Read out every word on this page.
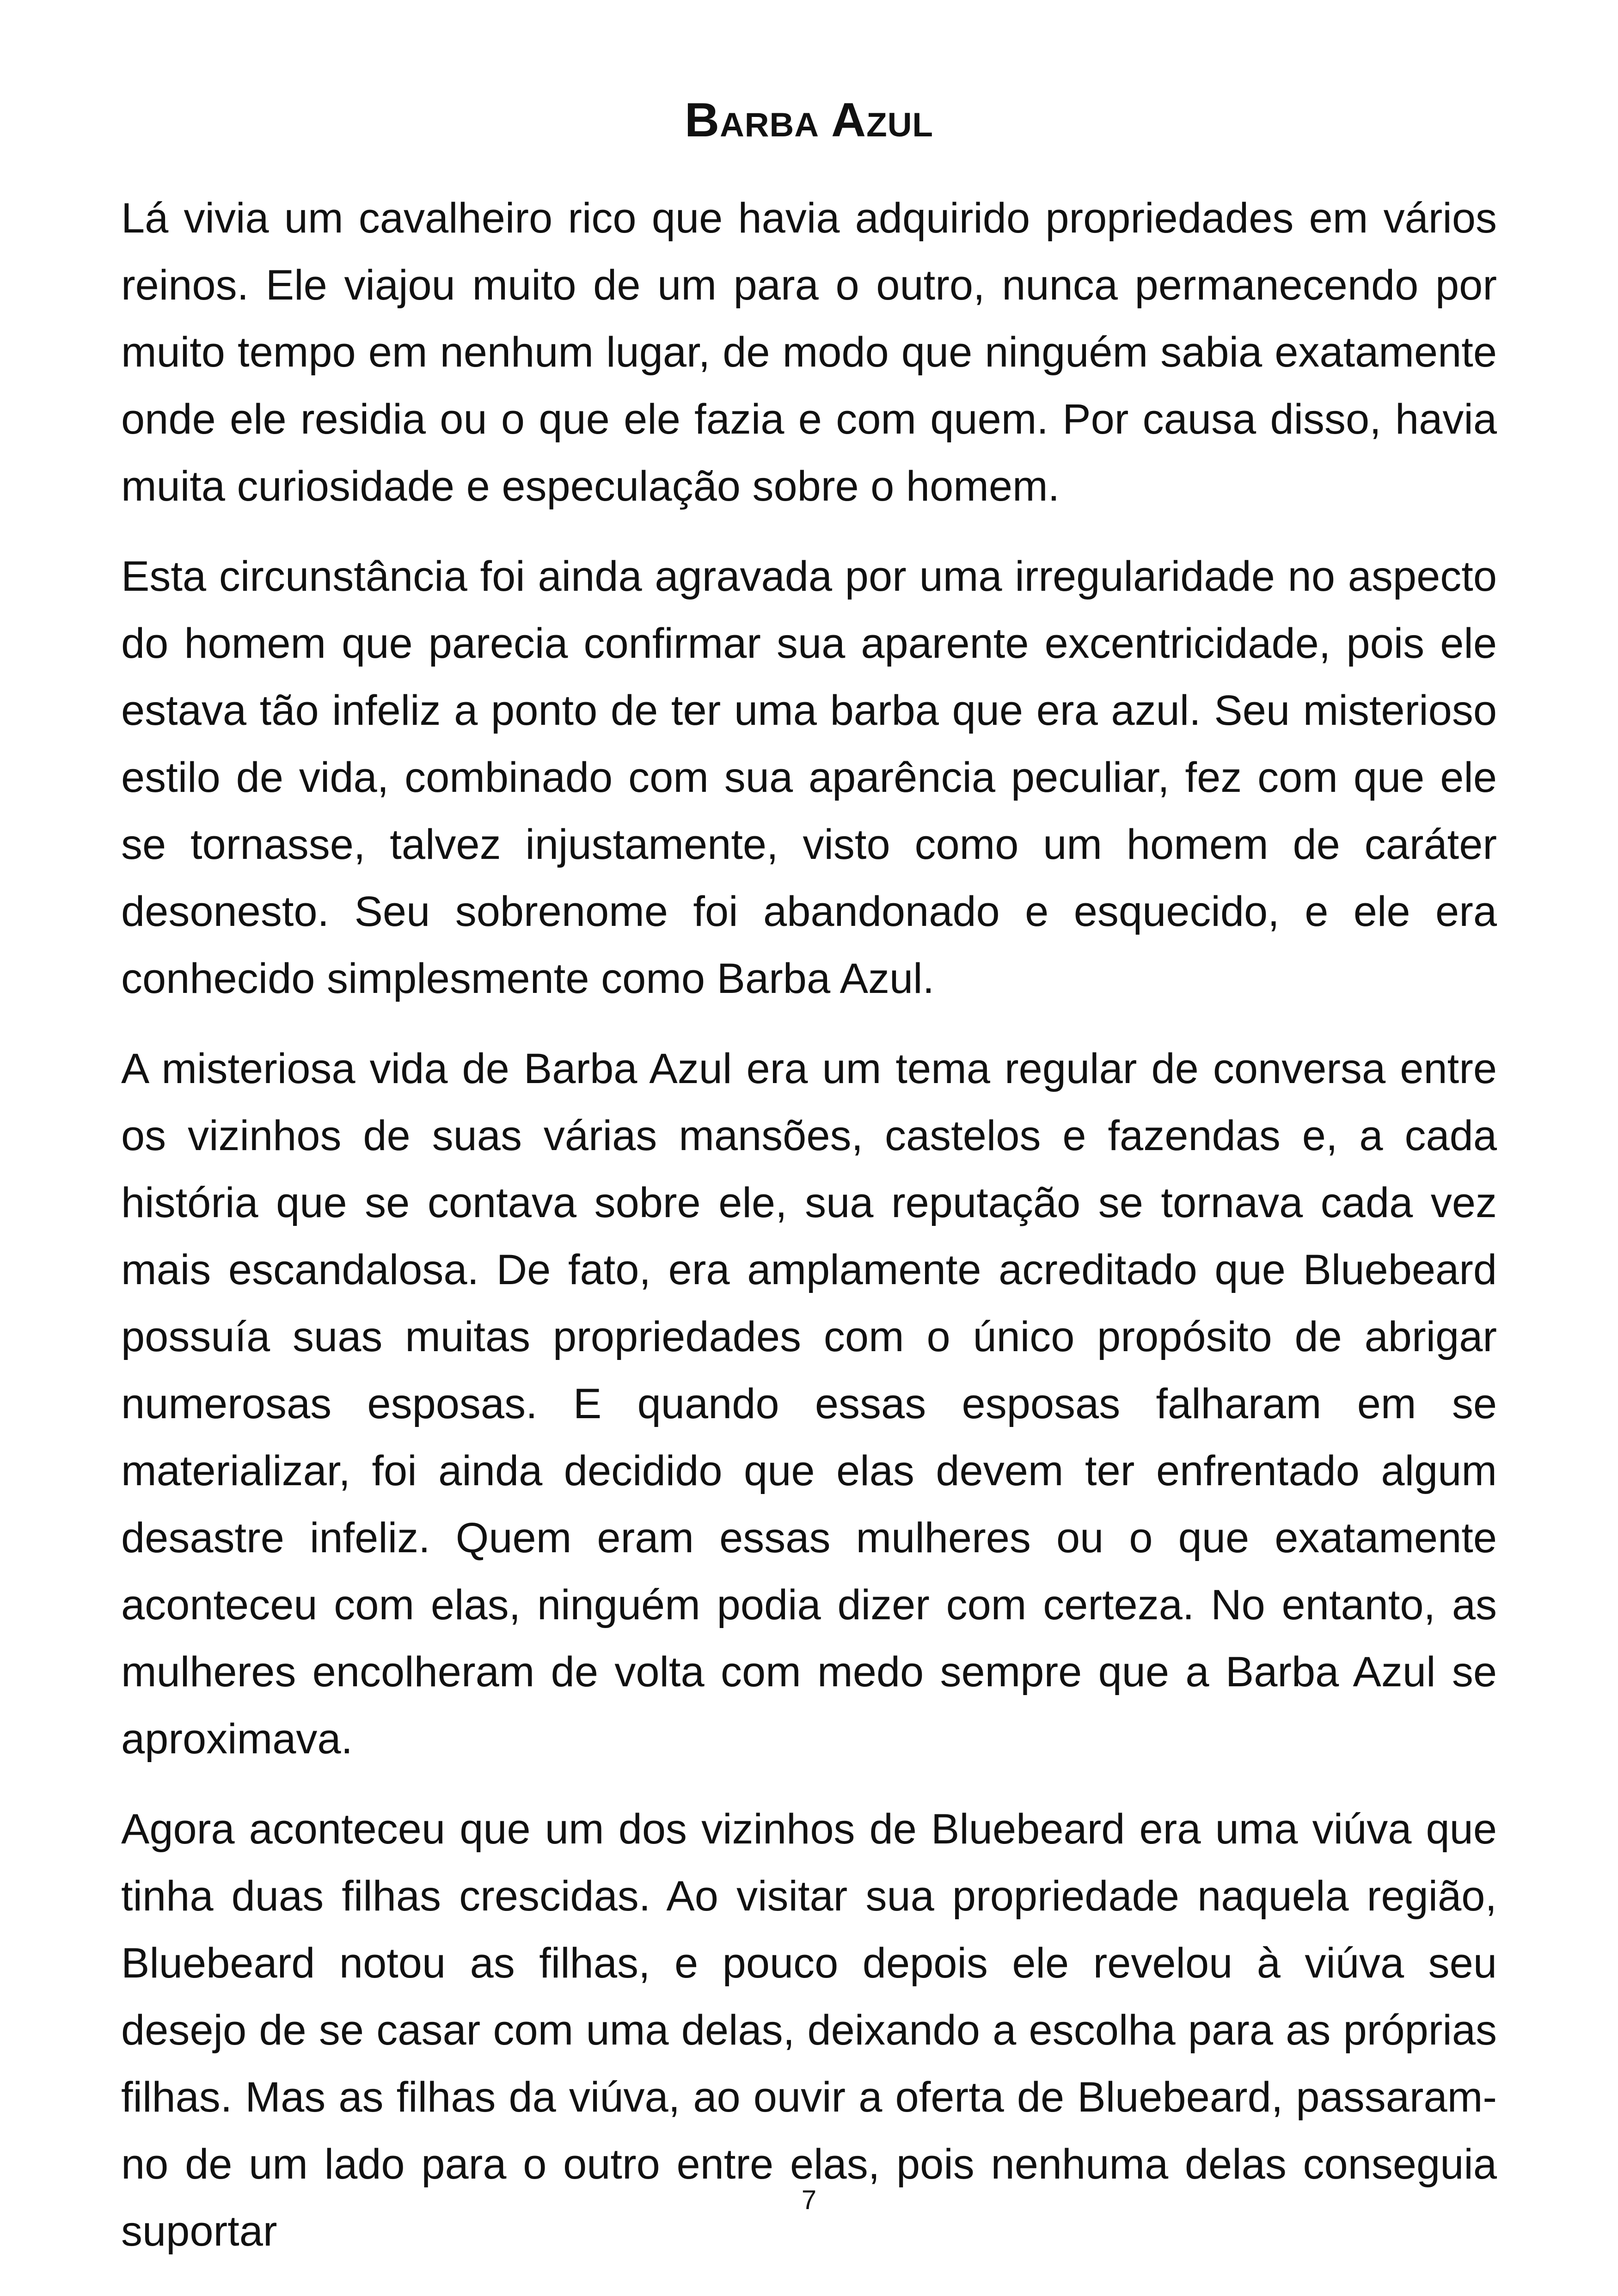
Barba Azul

Lá vivia um cavalheiro rico que havia adquirido propriedades em vários reinos. Ele viajou muito de um para o outro, nunca permanecendo por muito tempo em nenhum lugar, de modo que ninguém sabia exatamente onde ele residia ou o que ele fazia e com quem. Por causa disso, havia muita curiosidade e especulação sobre o homem.

Esta circunstância foi ainda agravada por uma irregularidade no aspecto do homem que parecia confirmar sua aparente excentricidade, pois ele estava tão infeliz a ponto de ter uma barba que era azul. Seu misterioso estilo de vida, combinado com sua aparência peculiar, fez com que ele se tornasse, talvez injustamente, visto como um homem de caráter desonesto. Seu sobrenome foi abandonado e esquecido, e ele era conhecido simplesmente como Barba Azul.

A misteriosa vida de Barba Azul era um tema regular de conversa entre os vizinhos de suas várias mansões, castelos e fazendas e, a cada história que se contava sobre ele, sua reputação se tornava cada vez mais escandalosa. De fato, era amplamente acreditado que Bluebeard possuía suas muitas propriedades com o único propósito de abrigar numerosas esposas. E quando essas esposas falharam em se materializar, foi ainda decidido que elas devem ter enfrentado algum desastre infeliz. Quem eram essas mulheres ou o que exatamente aconteceu com elas, ninguém podia dizer com certeza. No entanto, as mulheres encolheram de volta com medo sempre que a Barba Azul se aproximava.

Agora aconteceu que um dos vizinhos de Bluebeard era uma viúva que tinha duas filhas crescidas. Ao visitar sua propriedade naquela região, Bluebeard notou as filhas, e pouco depois ele revelou à viúva seu desejo de se casar com uma delas, deixando a escolha para as próprias filhas. Mas as filhas da viúva, ao ouvir a oferta de Bluebeard, passaram-no de um lado para o outro entre elas, pois nenhuma delas conseguia suportar

7
